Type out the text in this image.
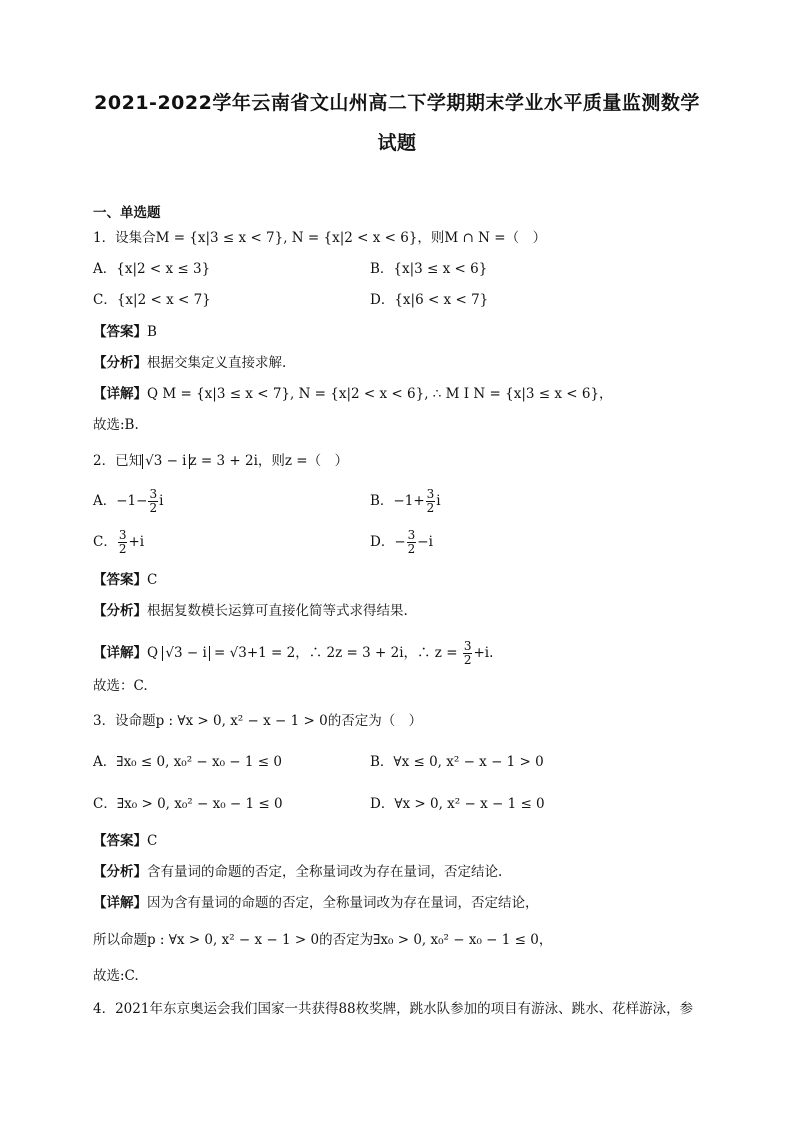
2021-2022学年云南省文山州高二下学期期末学业水平质量监测数学
试题
一、单选题
1．设集合M = {x|3 ≤ x < 7}, N = {x|2 < x < 6}，则M ∩ N =（　）
A．{x|2 < x ≤ 3}	B．{x|3 ≤ x < 6}
C．{x|2 < x < 7}	D．{x|6 < x < 7}
【答案】B
【分析】根据交集定义直接求解.
【详解】Q M = {x|3 ≤ x < 7}, N = {x|2 < x < 6}, ∴ M I N = {x|3 ≤ x < 6}，
故选:B.
2．已知 √3 − i z = 3 + 2i，则z =（　）
A．$-1- \frac{3}{2}$ i	B．$-1+ \frac{3}{2}$ i
C． $\frac{3}{2} +i$	D．− $\frac{3}{2} -i$
【答案】C
【分析】根据复数模长运算可直接化简等式求得结果.
【详解】Q √3 − i = √3+1 = 2，∴ 2z = 3 + 2i，∴ $z = \frac{3}{2} +i$.
故选：C.
3．设命题p : ∀x > 0, x² − x − 1 > 0的否定为（　）
A．∃x₀ ≤ 0, x₀² − x₀ − 1 ≤ 0	B．∀x ≤ 0, x² − x − 1 > 0
C．∃x₀ > 0, x₀² − x₀ − 1 ≤ 0	D．∀x > 0, x² − x − 1 ≤ 0
【答案】C
【分析】含有量词的命题的否定，全称量词改为存在量词，否定结论.
【详解】因为含有量词的命题的否定，全称量词改为存在量词，否定结论，
所以命题p : ∀x > 0, x² − x − 1 > 0的否定为∃x₀ > 0, x₀² − x₀ − 1 ≤ 0，
故选:C.
4．2021年东京奥运会我们国家一共获得88枚奖牌，跳水队参加的项目有游泳、跳水、花样游泳，参
